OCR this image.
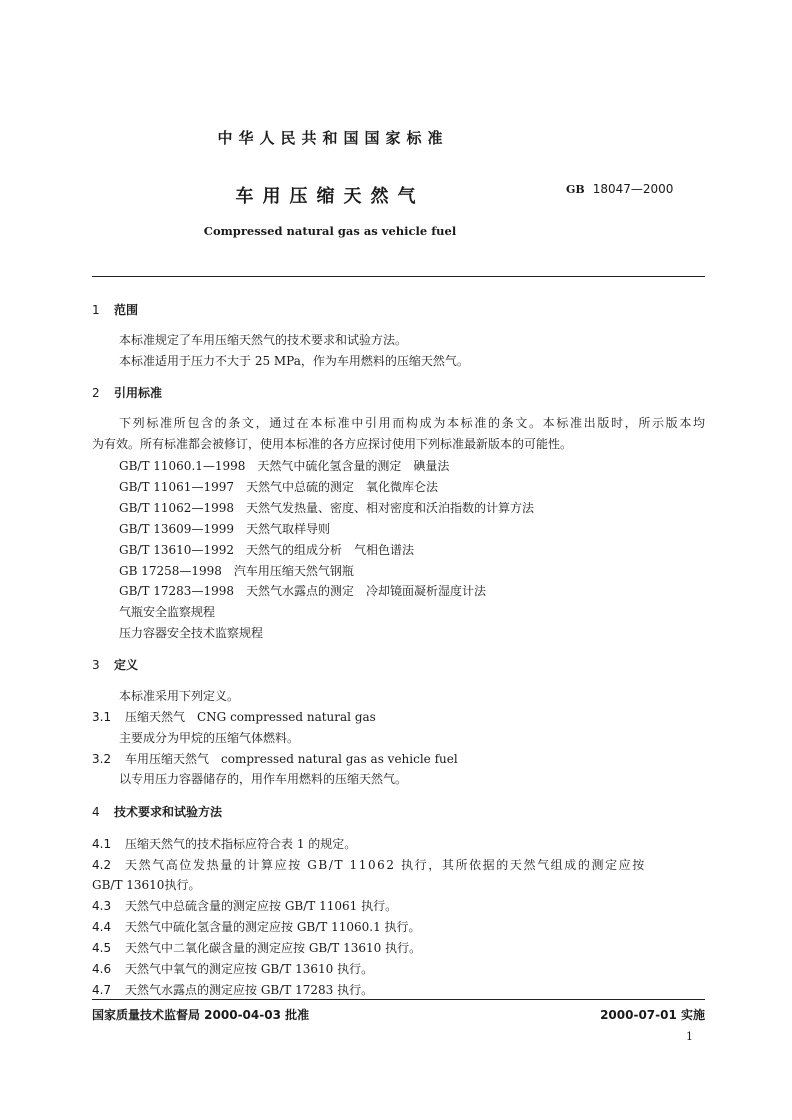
中华人民共和国国家标准
车用压缩天然气	GB 18047—2000
Compressed natural gas as vehicle fuel
1 范围
本标准规定了车用压缩天然气的技术要求和试验方法。
本标准适用于压力不大于 25 MPa，作为车用燃料的压缩天然气。
2 引用标准
下列标准所包含的条文，通过在本标准中引用而构成为本标准的条文。本标准出版时，所示版本均
为有效。所有标准都会被修订，使用本标准的各方应探讨使用下列标准最新版本的可能性。
GB/T 11060.1—1998　天然气中硫化氢含量的测定　碘量法
GB/T 11061—1997　天然气中总硫的测定　氧化微库仑法
GB/T 11062—1998　天然气发热量、密度、相对密度和沃泊指数的计算方法
GB/T 13609—1999　天然气取样导则
GB/T 13610—1992　天然气的组成分析　气相色谱法
GB 17258—1998　汽车用压缩天然气钢瓶
GB/T 17283—1998　天然气水露点的测定　冷却镜面凝析湿度计法
气瓶安全监察规程
压力容器安全技术监察规程
3 定义
本标准采用下列定义。
3.1 压缩天然气　CNG compressed natural gas
主要成分为甲烷的压缩气体燃料。
3.2 车用压缩天然气　compressed natural gas as vehicle fuel
以专用压力容器储存的，用作车用燃料的压缩天然气。
4 技术要求和试验方法
4.1 压缩天然气的技术指标应符合表 1 的规定。
4.2 天然气高位发热量的计算应按 GB/T 11062 执行，其所依据的天然气组成的测定应按
GB/T 13610执行。
4.3 天然气中总硫含量的测定应按 GB/T 11061 执行。
4.4 天然气中硫化氢含量的测定应按 GB/T 11060.1 执行。
4.5 天然气中二氧化碳含量的测定应按 GB/T 13610 执行。
4.6 天然气中氧气的测定应按 GB/T 13610 执行。
4.7 天然气水露点的测定应按 GB/T 17283 执行。
国家质量技术监督局 2000-04-03 批准	2000-07-01 实施
1
